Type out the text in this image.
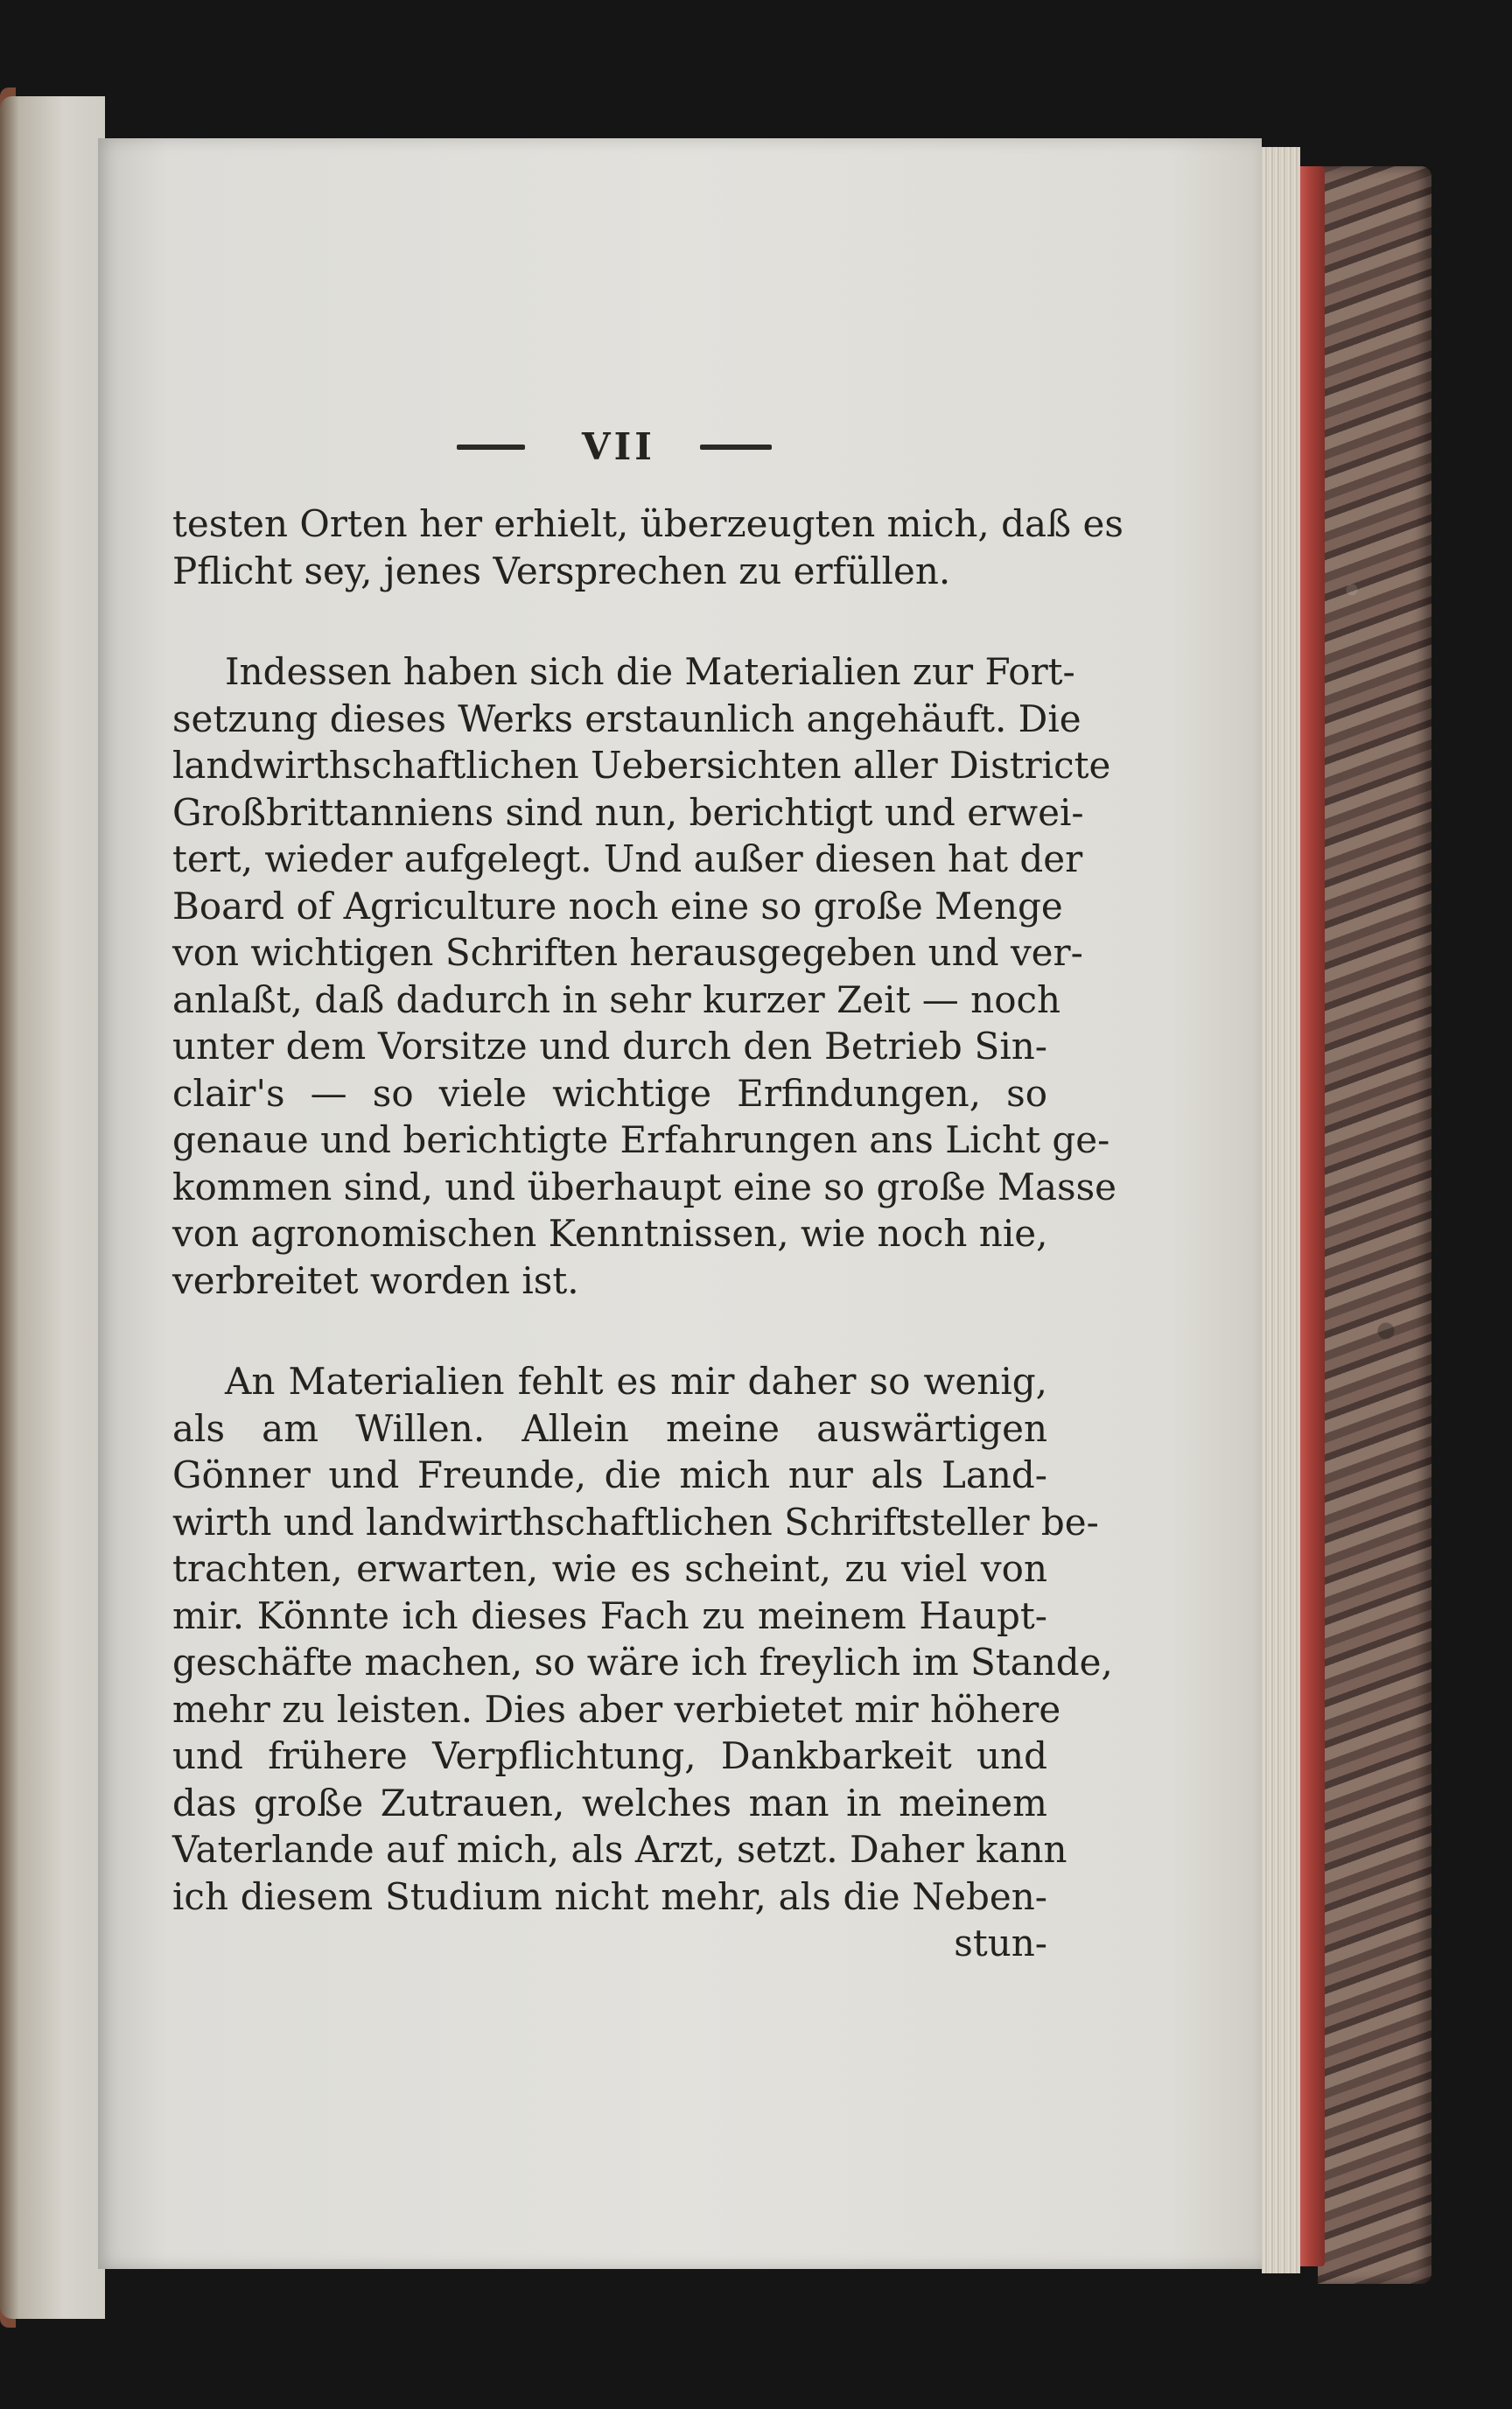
VII
testen Orten her erhielt, überzeugten mich, daß es
Pflicht sey, jenes Versprechen zu erfüllen.
Indessen haben sich die Materialien zur Fort-
setzung dieses Werks erstaunlich angehäuft. Die
landwirthschaftlichen Uebersichten aller Districte
Großbrittanniens sind nun, berichtigt und erwei-
tert, wieder aufgelegt. Und außer diesen hat der
Board of Agriculture noch eine so große Menge
von wichtigen Schriften herausgegeben und ver-
anlaßt, daß dadurch in sehr kurzer Zeit — noch
unter dem Vorsitze und durch den Betrieb Sin-
clair's — so viele wichtige Erfindungen, so
genaue und berichtigte Erfahrungen ans Licht ge-
kommen sind, und überhaupt eine so große Masse
von agronomischen Kenntnissen, wie noch nie,
verbreitet worden ist.
An Materialien fehlt es mir daher so wenig,
als am Willen. Allein meine auswärtigen
Gönner und Freunde, die mich nur als Land-
wirth und landwirthschaftlichen Schriftsteller be-
trachten, erwarten, wie es scheint, zu viel von
mir. Könnte ich dieses Fach zu meinem Haupt-
geschäfte machen, so wäre ich freylich im Stande,
mehr zu leisten. Dies aber verbietet mir höhere
und frühere Verpflichtung, Dankbarkeit und
das große Zutrauen, welches man in meinem
Vaterlande auf mich, als Arzt, setzt. Daher kann
ich diesem Studium nicht mehr, als die Neben-
stun-
